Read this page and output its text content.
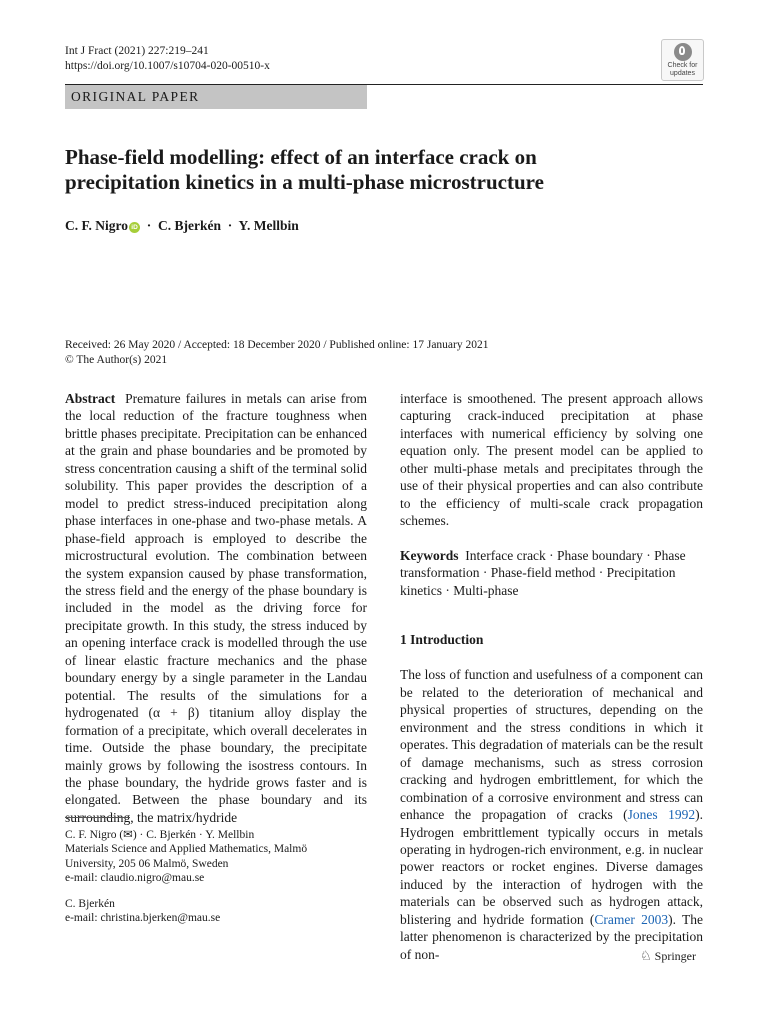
Int J Fract (2021) 227:219–241
https://doi.org/10.1007/s10704-020-00510-x	Check for
updates
ORIGINAL PAPER
Phase-field modelling: effect of an interface crack on precipitation kinetics in a multi-phase microstructure
C. F. Nigro iD · C. Bjerkén · Y. Mellbin
Received: 26 May 2020 / Accepted: 18 December 2020 / Published online: 17 January 2021
© The Author(s) 2021
Abstract Premature failures in metals can arise from the local reduction of the fracture toughness when brittle phases precipitate. Precipitation can be enhanced at the grain and phase boundaries and be promoted by stress concentration causing a shift of the terminal solid solubility. This paper provides the description of a model to predict stress-induced precipitation along phase interfaces in one-phase and two-phase metals. A phase-field approach is employed to describe the microstructural evolution. The combination between the system expansion caused by phase transformation, the stress field and the energy of the phase boundary is included in the model as the driving force for precipitate growth. In this study, the stress induced by an opening interface crack is modelled through the use of linear elastic fracture mechanics and the phase boundary energy by a single parameter in the Landau potential. The results of the simulations for a hydrogenated (α + β) titanium alloy display the formation of a precipitate, which overall decelerates in time. Outside the phase boundary, the precipitate mainly grows by following the isostress contours. In the phase boundary, the hydride grows faster and is elongated. Between the phase boundary and its surrounding, the matrix/hydride
C. F. Nigro (✉) · C. Bjerkén · Y. Mellbin
Materials Science and Applied Mathematics, Malmö
University, 205 06 Malmö, Sweden
e-mail: claudio.nigro@mau.se
C. Bjerkén
e-mail: christina.bjerken@mau.se
interface is smoothened. The present approach allows capturing crack-induced precipitation at phase interfaces with numerical efficiency by solving one equation only. The present model can be applied to other multi-phase metals and precipitates through the use of their physical properties and can also contribute to the efficiency of multi-scale crack propagation schemes.
Keywords Interface crack · Phase boundary · Phase transformation · Phase-field method · Precipitation kinetics · Multi-phase
1 Introduction
The loss of function and usefulness of a component can be related to the deterioration of mechanical and physical properties of structures, depending on the environment and the stress conditions in which it operates. This degradation of materials can be the result of damage mechanisms, such as stress corrosion cracking and hydrogen embrittlement, for which the combination of a corrosive environment and stress can enhance the propagation of cracks (Jones 1992). Hydrogen embrittlement typically occurs in metals operating in hydrogen-rich environment, e.g. in nuclear power reactors or rocket engines. Diverse damages induced by the interaction of hydrogen with the materials can be observed such as hydrogen attack, blistering and hydride formation (Cramer 2003). The latter phenomenon is characterized by the precipitation of non-	♘ Springer
